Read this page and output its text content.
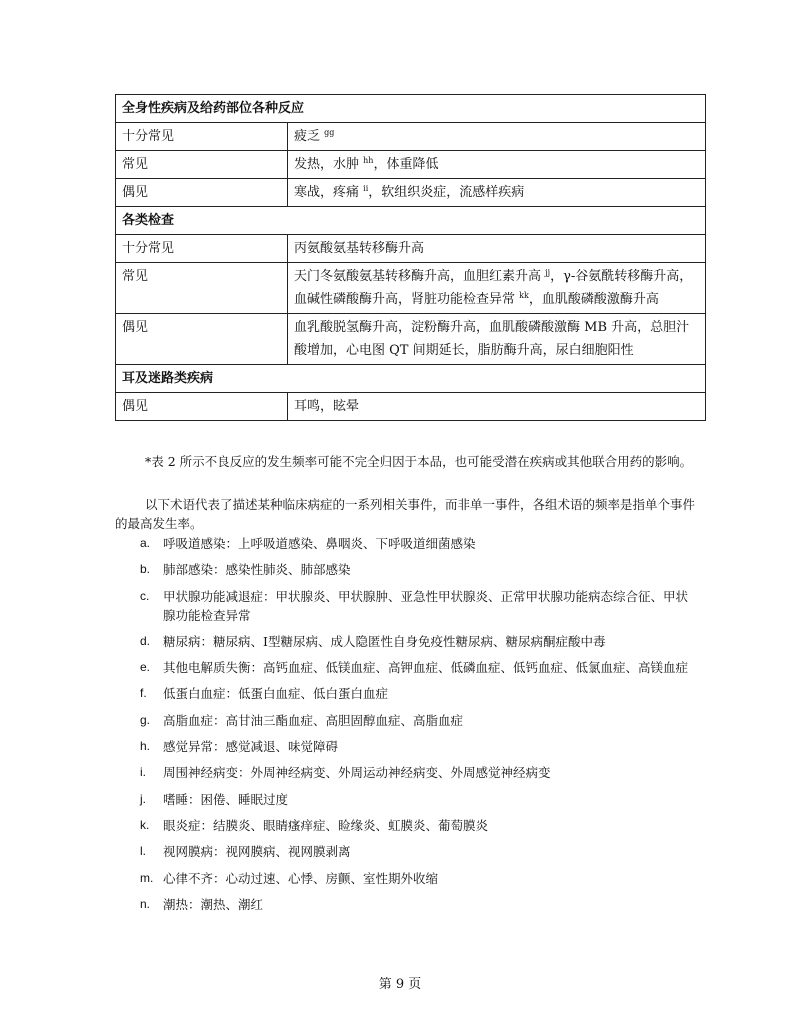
全身性疾病及给药部位各种反应	
十分常见	疲乏 $^{gg}$
常见	发热，水肿 $^{hh}$，体重降低
偶见	寒战，疼痛 $^{ii}$，软组织炎症，流感样疾病
各类检查	
十分常见	丙氨酸氨基转移酶升高
常见	天门冬氨酸氨基转移酶升高，血胆红素升高 $^{jj}$，γ-谷氨酰转移酶升高，血碱性磷酸酶升高，肾脏功能检查异常 $^{kk}$，血肌酸磷酸激酶升高
偶见	血乳酸脱氢酶升高，淀粉酶升高，血肌酸磷酸激酶 MB 升高，总胆汁酸增加，心电图 QT 间期延长，脂肪酶升高，尿白细胞阳性
耳及迷路类疾病	
偶见	耳鸣，眩晕
*表 2 所示不良反应的发生频率可能不完全归因于本品，也可能受潜在疾病或其他联合用药的影响。
以下术语代表了描述某种临床病症的一系列相关事件，而非单一事件，各组术语的频率是指单个事件的最高发生率。
a. 呼吸道感染：上呼吸道感染、鼻咽炎、下呼吸道细菌感染
b. 肺部感染：感染性肺炎、肺部感染
c. 甲状腺功能减退症：甲状腺炎、甲状腺肿、亚急性甲状腺炎、正常甲状腺功能病态综合征、甲状腺功能检查异常
d. 糖尿病：糖尿病、I型糖尿病、成人隐匿性自身免疫性糖尿病、糖尿病酮症酸中毒
e. 其他电解质失衡：高钙血症、低镁血症、高钾血症、低磷血症、低钙血症、低氯血症、高镁血症
f. 低蛋白血症：低蛋白血症、低白蛋白血症
g. 高脂血症：高甘油三酯血症、高胆固醇血症、高脂血症
h. 感觉异常：感觉减退、味觉障碍
i. 周围神经病变：外周神经病变、外周运动神经病变、外周感觉神经病变
j. 嗜睡：困倦、睡眠过度
k. 眼炎症：结膜炎、眼睛瘙痒症、睑缘炎、虹膜炎、葡萄膜炎
l. 视网膜病：视网膜病、视网膜剥离
m. 心律不齐：心动过速、心悸、房颤、室性期外收缩
n. 潮热：潮热、潮红
第 9 页
